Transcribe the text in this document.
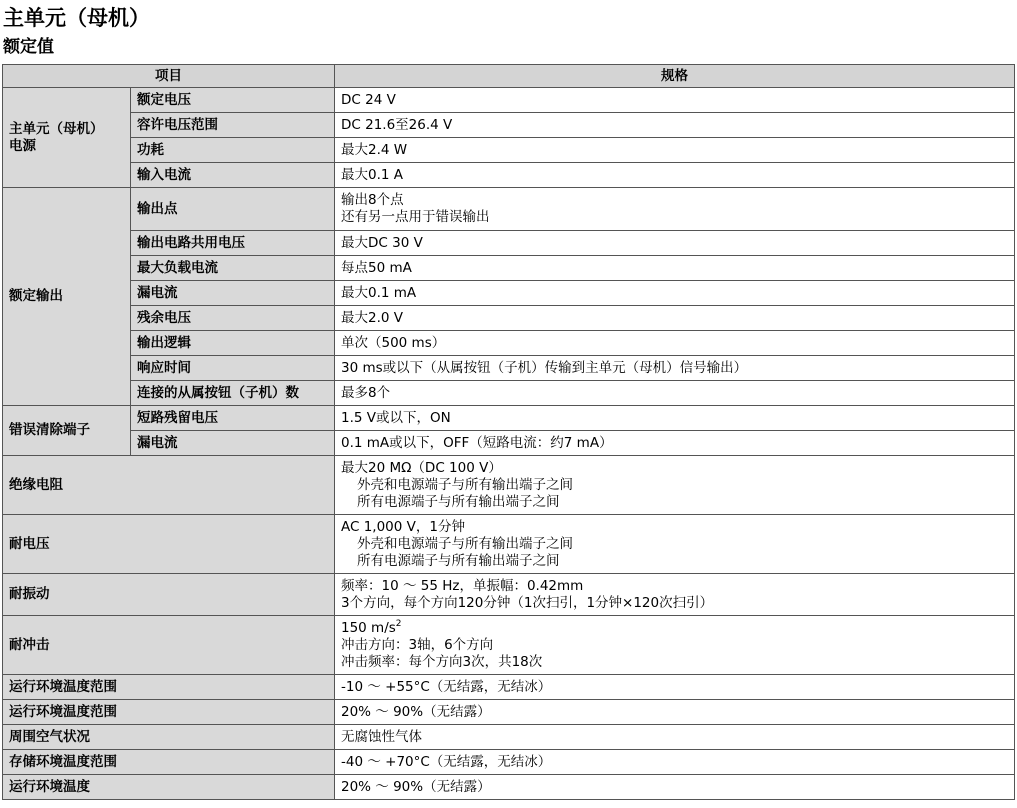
主单元（母机）
额定值
项目		规格
主单元（母机）
电源	额定电压	DC 24 V

	容许电压范围	DC 21.6至26.4 V

	功耗	最大2.4 W

	输入电流	最大0.1 A

额定输出	输出点	输出8个点
还有另一点用于错误输出

	输出电路共用电压	最大DC 30 V

	最大负载电流	每点50 mA

	漏电流	最大0.1 mA

	残余电压	最大2.0 V

	输出逻辑	单次（500 ms）

	响应时间	30 ms或以下（从属按钮（子机）传输到主单元（母机）信号输出）

	连接的从属按钮（子机）数	最多8个

错误清除端子	短路残留电压	1.5 V或以下，ON

	漏电流	0.1 mA或以下，OFF（短路电流：约7 mA）

绝缘电阻		最大20 MΩ（DC 100 V）
外壳和电源端子与所有输出端子之间
所有电源端子与所有输出端子之间

耐电压		AC 1,000 V，1分钟
外壳和电源端子与所有输出端子之间
所有电源端子与所有输出端子之间

耐振动		频率：10 ～ 55 Hz，单振幅：0.42mm
3个方向，每个方向120分钟（1次扫引，1分钟×120次扫引）

耐冲击		150 $m/s^2$
冲击方向：3轴，6个方向
冲击频率：每个方向3次，共18次

运行环境温度范围		-10 ～ +55°C（无结露，无结冰）

运行环境温度范围		20% ～ 90%（无结露）

周围空气状况		无腐蚀性气体

存储环境温度范围		-40 ～ +70°C（无结露，无结冰）

运行环境温度		20% ～ 90%（无结露）
